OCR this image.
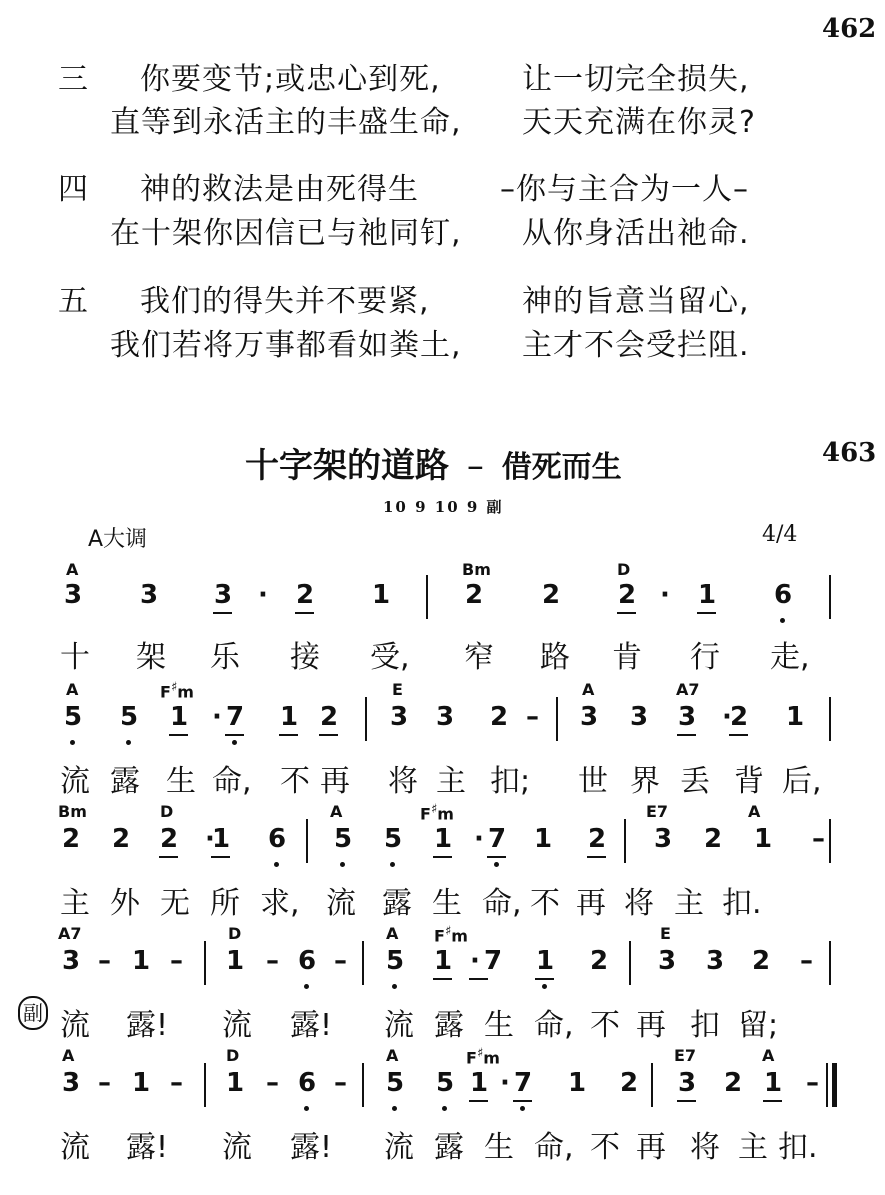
462
三 你要变节;或忠心到死,	让一切完全损失,
直等到永活主的丰盛生命, 天天充满在你灵?
四 神的救法是由死得生	–你与主合为一人–
在十架你因信已与祂同钉, 从你身活出祂命.
五 我们的得失并不要紧,	神的旨意当留心,
我们若将万事都看如粪土, 主才不会受拦阻.
十字架的道路 – 借死而生	463
10 9 10 9 副
A大调	4/4
副
A	Bm	D
3 3 3 · 2 1	2 2 2 · 1 6
十 架 乐 接 受, 窄 路 肯 行 走,
A	F♯m	E	A	A7
5 5 1 · 7 1 2 3 3 2 – 3 3 3 ·
2 1
流 露 生 命, 不 再 将 主 扣; 世 界 丢 背 后,
Bm	D	A	F♯m	E7	A
2 2 2 ·
1 6 5 5 1 · 7 1 2 3 2 1 –
主 外 无 所 求, 流 露 生 命, 不 再 将 主 扣.
A7	D	A F♯m	E
3 – 1 – 1 – 6 – 5 1 · 7 1 2 3 3 2 –
流 露! 流 露! 流 露 生 命, 不 再 扣 留;
A	D	A	F♯m	E7	A
3 – 1 – 1 – 6 – 5 5 1 · 7 1 2 3 2 1 –
流 露! 流 露! 流 露 生 命, 不 再 将 主 扣.
